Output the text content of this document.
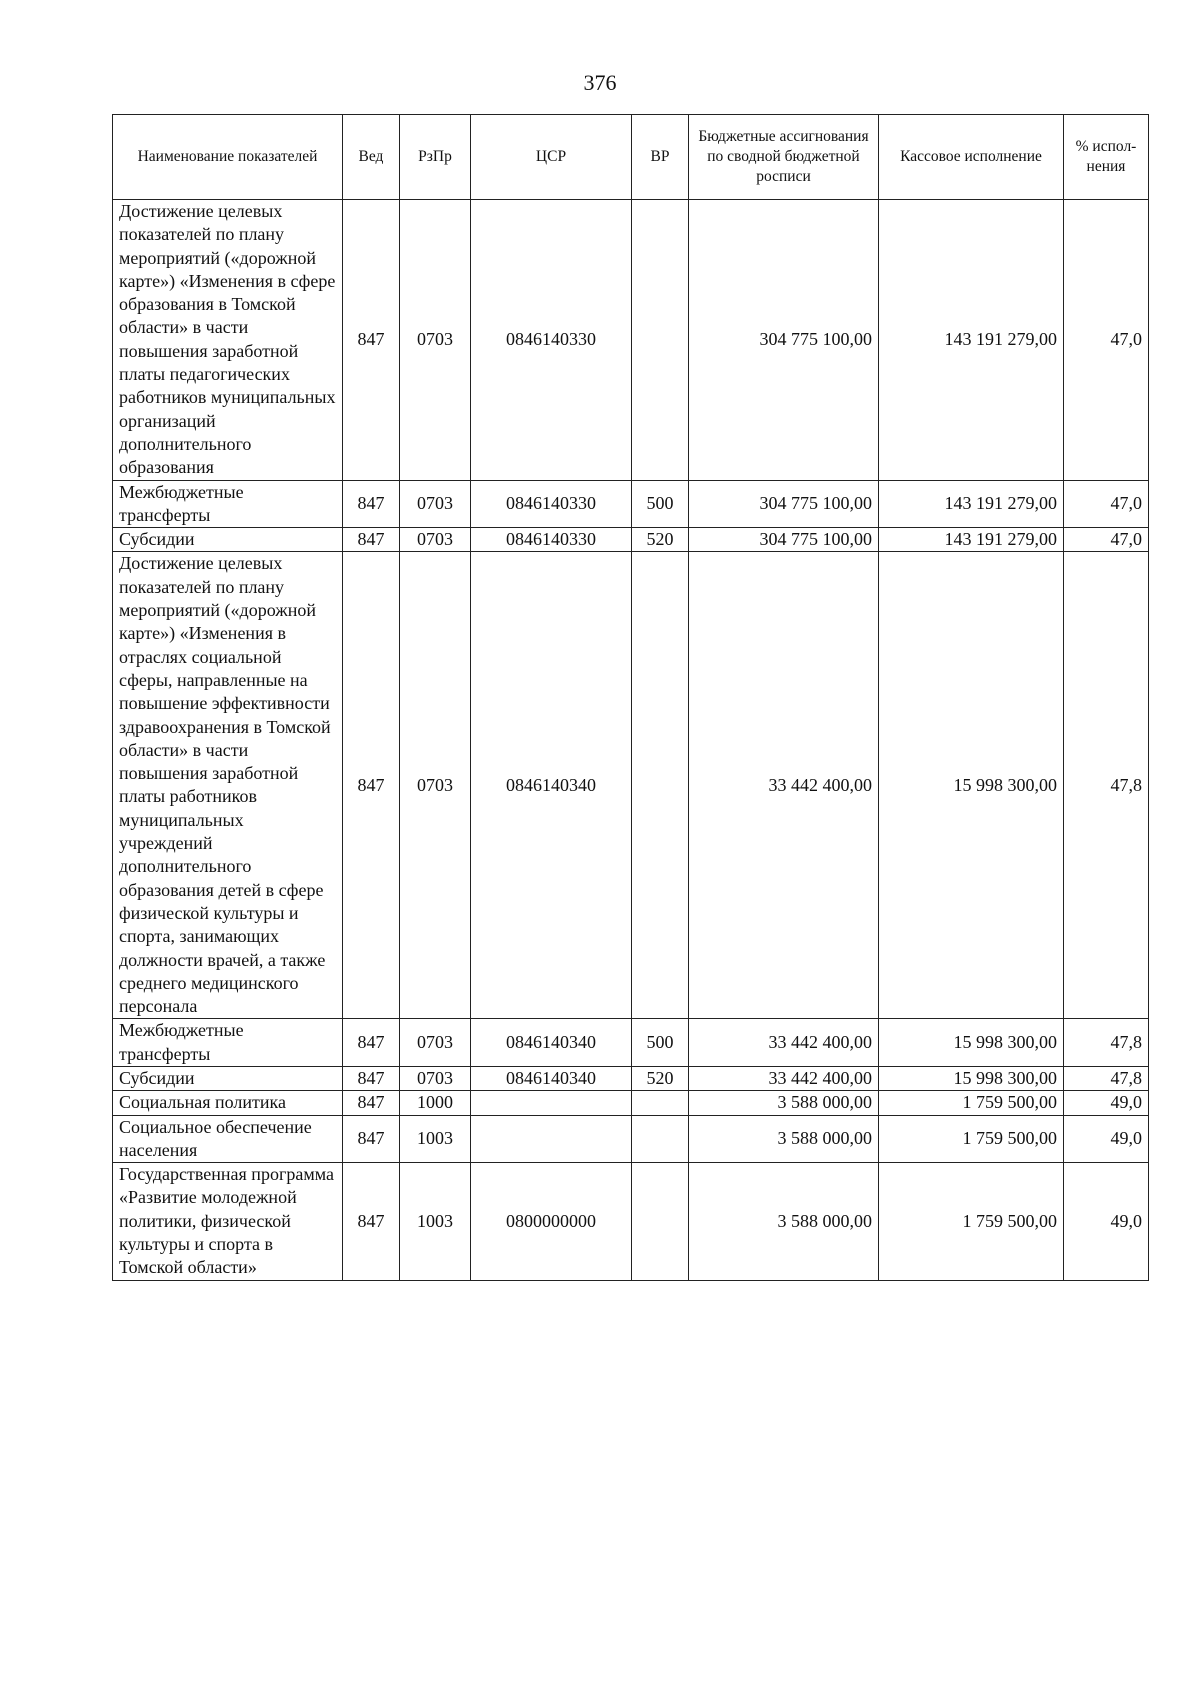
376
Наименование показателей	Вед	РзПр	ЦСР	ВР	Бюджетные ассигнования по сводной бюджетной росписи	Кассовое исполнение	% испол-нения
Достижение целевых показателей по плану мероприятий («дорожной карте») «Изменения в сфере образования в Томской области» в части повышения заработной платы педагогических работников муниципальных организаций дополнительного образования	847	0703	0846140330		304 775 100,00	143 191 279,00	47,0
Межбюджетные трансферты	847	0703	0846140330	500	304 775 100,00	143 191 279,00	47,0
Субсидии	847	0703	0846140330	520	304 775 100,00	143 191 279,00	47,0
Достижение целевых показателей по плану мероприятий («дорожной карте») «Изменения в отраслях социальной сферы, направленные на повышение эффективности здравоохранения в Томской области» в части повышения заработной платы работников муниципальных учреждений дополнительного образования детей в сфере физической культуры и спорта, занимающих должности врачей, а также среднего медицинского персонала	847	0703	0846140340		33 442 400,00	15 998 300,00	47,8
Межбюджетные трансферты	847	0703	0846140340	500	33 442 400,00	15 998 300,00	47,8
Субсидии	847	0703	0846140340	520	33 442 400,00	15 998 300,00	47,8
Социальная политика	847	1000			3 588 000,00	1 759 500,00	49,0
Социальное обеспечение населения	847	1003			3 588 000,00	1 759 500,00	49,0
Государственная программа «Развитие молодежной политики, физической культуры и спорта в Томской области»	847	1003	0800000000		3 588 000,00	1 759 500,00	49,0
